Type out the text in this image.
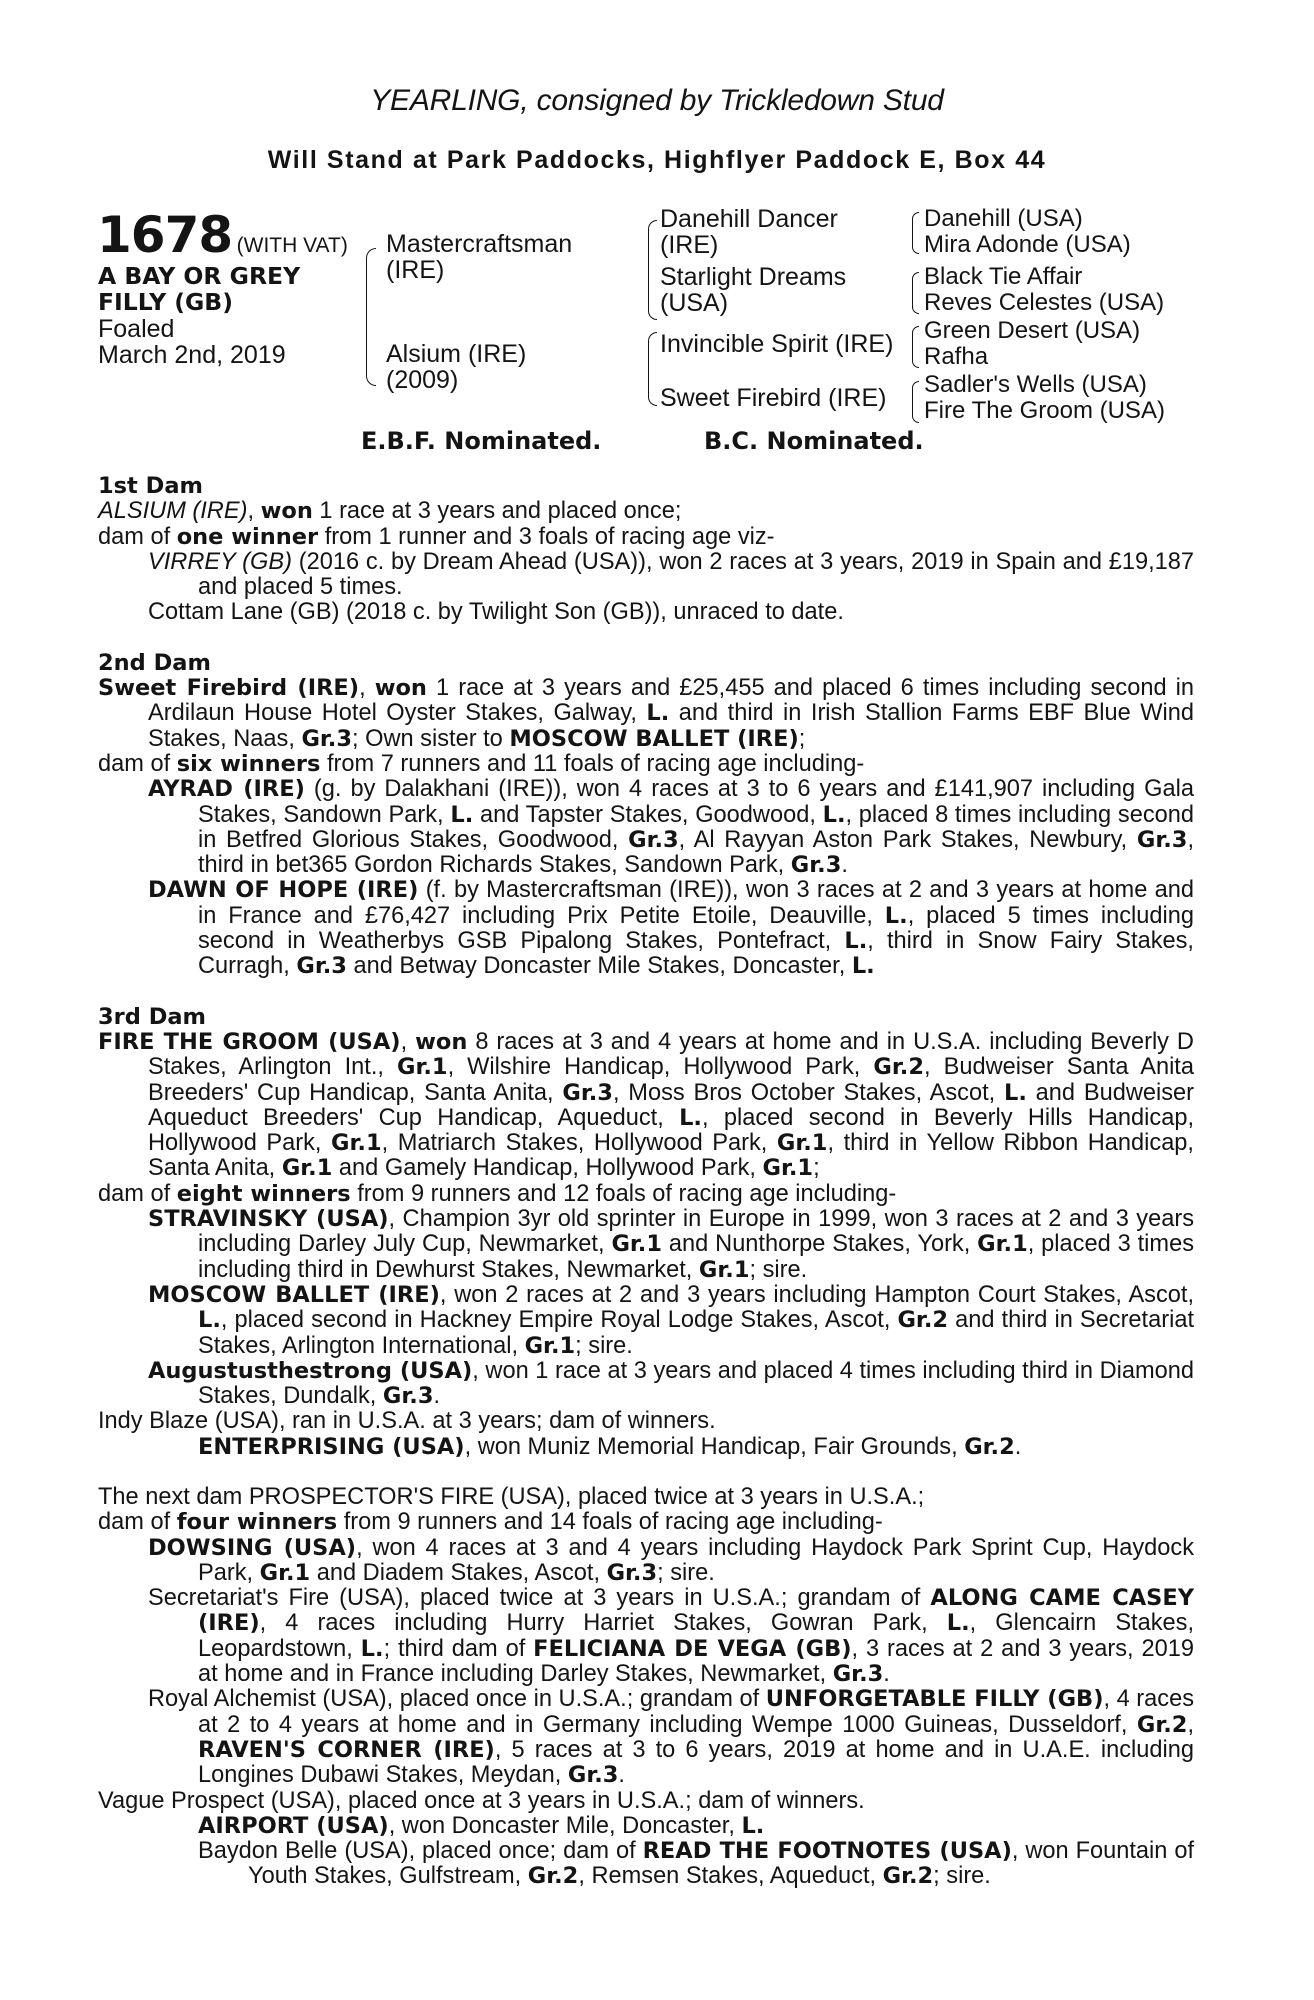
YEARLING, consigned by Trickledown Stud
Will Stand at Park Paddocks, Highflyer Paddock E, Box 44
1678 (WITH VAT)
A BAY OR GREY
FILLY (GB)
Foaled
March 2nd, 2019
Mastercraftsman
(IRE)
Alsium (IRE)
(2009)
Danehill Dancer
(IRE)
Starlight Dreams
(USA)
Invincible Spirit (IRE)
Sweet Firebird (IRE)
Danehill (USA)
Mira Adonde (USA)
Black Tie Affair
Reves Celestes (USA)
Green Desert (USA)
Rafha
Sadler's Wells (USA)
Fire The Groom (USA)
E.B.F. Nominated.	B.C. Nominated.

1st Dam

ALSIUM (IRE), won 1 race at 3 years and placed once;

dam of one winner from 1 runner and 3 foals of racing age viz-

VIRREY (GB) (2016 c. by Dream Ahead (USA)), won 2 races at 3 years, 2019 in Spain and £19,187 and placed 5 times.

Cottam Lane (GB) (2018 c. by Twilight Son (GB)), unraced to date.

2nd Dam

Sweet Firebird (IRE), won 1 race at 3 years and £25,455 and placed 6 times including second in Ardilaun House Hotel Oyster Stakes, Galway, L. and third in Irish Stallion Farms EBF Blue Wind Stakes, Naas, Gr.3; Own sister to MOSCOW BALLET (IRE);

dam of six winners from 7 runners and 11 foals of racing age including-

AYRAD (IRE) (g. by Dalakhani (IRE)), won 4 races at 3 to 6 years and £141,907 including Gala Stakes, Sandown Park, L. and Tapster Stakes, Goodwood, L., placed 8 times including second in Betfred Glorious Stakes, Goodwood, Gr.3, Al Rayyan Aston Park Stakes, Newbury, Gr.3, third in bet365 Gordon Richards Stakes, Sandown Park, Gr.3.

DAWN OF HOPE (IRE) (f. by Mastercraftsman (IRE)), won 3 races at 2 and 3 years at home and in France and £76,427 including Prix Petite Etoile, Deauville, L., placed 5 times including second in Weatherbys GSB Pipalong Stakes, Pontefract, L., third in Snow Fairy Stakes, Curragh, Gr.3 and Betway Doncaster Mile Stakes, Doncaster, L.

3rd Dam

FIRE THE GROOM (USA), won 8 races at 3 and 4 years at home and in U.S.A. including Beverly D Stakes, Arlington Int., Gr.1, Wilshire Handicap, Hollywood Park, Gr.2, Budweiser Santa Anita Breeders' Cup Handicap, Santa Anita, Gr.3, Moss Bros October Stakes, Ascot, L. and Budweiser Aqueduct Breeders' Cup Handicap, Aqueduct, L., placed second in Beverly Hills Handicap, Hollywood Park, Gr.1, Matriarch Stakes, Hollywood Park, Gr.1, third in Yellow Ribbon Handicap, Santa Anita, Gr.1 and Gamely Handicap, Hollywood Park, Gr.1;

dam of eight winners from 9 runners and 12 foals of racing age including-

STRAVINSKY (USA), Champion 3yr old sprinter in Europe in 1999, won 3 races at 2 and 3 years including Darley July Cup, Newmarket, Gr.1 and Nunthorpe Stakes, York, Gr.1, placed 3 times including third in Dewhurst Stakes, Newmarket, Gr.1; sire.

MOSCOW BALLET (IRE), won 2 races at 2 and 3 years including Hampton Court Stakes, Ascot, L., placed second in Hackney Empire Royal Lodge Stakes, Ascot, Gr.2 and third in Secretariat Stakes, Arlington International, Gr.1; sire.

Augustusthestrong (USA), won 1 race at 3 years and placed 4 times including third in Diamond Stakes, Dundalk, Gr.3.

Indy Blaze (USA), ran in U.S.A. at 3 years; dam of winners.

ENTERPRISING (USA), won Muniz Memorial Handicap, Fair Grounds, Gr.2.

The next dam PROSPECTOR'S FIRE (USA), placed twice at 3 years in U.S.A.;

dam of four winners from 9 runners and 14 foals of racing age including-

DOWSING (USA), won 4 races at 3 and 4 years including Haydock Park Sprint Cup, Haydock Park, Gr.1 and Diadem Stakes, Ascot, Gr.3; sire.

Secretariat's Fire (USA), placed twice at 3 years in U.S.A.; grandam of ALONG CAME CASEY (IRE), 4 races including Hurry Harriet Stakes, Gowran Park, L., Glencairn Stakes, Leopardstown, L.; third dam of FELICIANA DE VEGA (GB), 3 races at 2 and 3 years, 2019 at home and in France including Darley Stakes, Newmarket, Gr.3.

Royal Alchemist (USA), placed once in U.S.A.; grandam of UNFORGETABLE FILLY (GB), 4 races at 2 to 4 years at home and in Germany including Wempe 1000 Guineas, Dusseldorf, Gr.2, RAVEN'S CORNER (IRE), 5 races at 3 to 6 years, 2019 at home and in U.A.E. including Longines Dubawi Stakes, Meydan, Gr.3.

Vague Prospect (USA), placed once at 3 years in U.S.A.; dam of winners.

AIRPORT (USA), won Doncaster Mile, Doncaster, L.

Baydon Belle (USA), placed once; dam of READ THE FOOTNOTES (USA), won Fountain of Youth Stakes, Gulfstream, Gr.2, Remsen Stakes, Aqueduct, Gr.2; sire.
